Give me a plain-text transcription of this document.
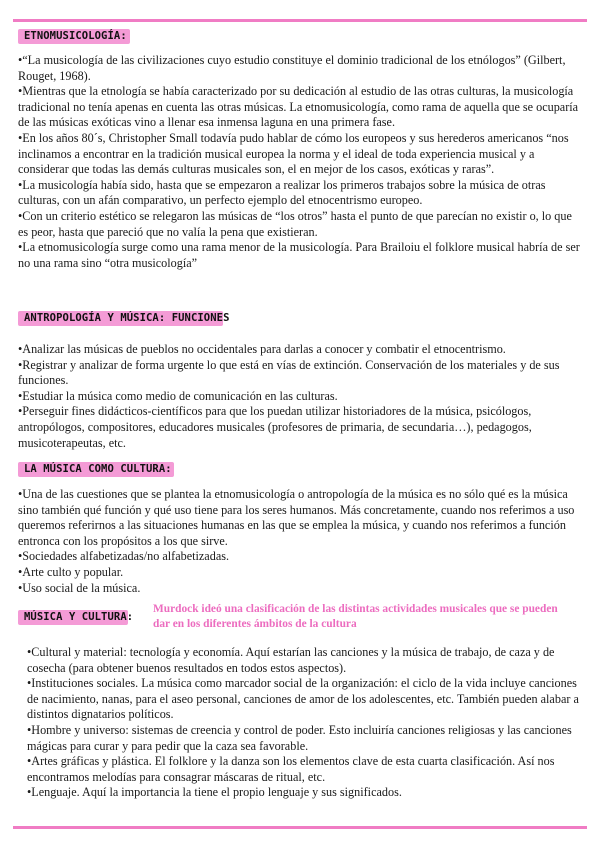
ETNOMUSICOLOGÍA:

•“La musicología de las civilizaciones cuyo estudio constituye el dominio tradicional de los etnólogos” (Gilbert, Rouget, 1968).

•Mientras que la etnología se había caracterizado por su dedicación al estudio de las otras culturas, la musicología tradicional no tenía apenas en cuenta las otras músicas. La etnomusicología, como rama de aquella que se ocuparía de las músicas exóticas vino a llenar esa inmensa laguna en una primera fase.

•En los años 80´s, Christopher Small todavía pudo hablar de cómo los europeos y sus herederos americanos “nos inclinamos a encontrar en la tradición musical europea la norma y el ideal de toda experiencia musical y a considerar que todas las demás culturas musicales son, el en mejor de los casos, exóticas y raras”.

•La musicología había sido, hasta que se empezaron a realizar los primeros trabajos sobre la música de otras culturas, con un afán comparativo, un perfecto ejemplo del etnocentrismo europeo.

•Con un criterio estético se relegaron las músicas de “los otros” hasta el punto de que parecían no existir o, lo que es peor, hasta que pareció que no valía la pena que existieran.

•La etnomusicología surge como una rama menor de la musicología. Para Brailoiu el folklore musical habría de ser no una rama sino “otra musicología”

ANTROPOLOGÍA Y MÚSICA: FUNCIONES

•Analizar las músicas de pueblos no occidentales para darlas a conocer y combatir el etnocentrismo.

•Registrar y analizar de forma urgente lo que está en vías de extinción. Conservación de los materiales y de sus funciones.

•Estudiar la música como medio de comunicación en las culturas.

•Perseguir fines didácticos-científicos para que los puedan utilizar historiadores de la música, psicólogos, antropólogos, compositores, educadores musicales (profesores de primaria, de secundaria…), pedagogos, musicoterapeutas, etc.

LA MÚSICA COMO CULTURA:

•Una de las cuestiones que se plantea la etnomusicología o antropología de la música es no sólo qué es la música sino también qué función y qué uso tiene para los seres humanos. Más concretamente, cuando nos referimos a uso queremos referirnos a las situaciones humanas en las que se emplea la música, y cuando nos referimos a función entronca con los propósitos a los que sirve.

•Sociedades alfabetizadas/no alfabetizadas.

•Arte culto y popular.

•Uso social de la música.

MÚSICA Y CULTURA:
Murdock ideó una clasificación de las distintas actividades musicales que se pueden dar en los diferentes ámbitos de la cultura

•Cultural y material: tecnología y economía. Aquí estarían las canciones y la música de trabajo, de caza y de cosecha (para obtener buenos resultados en todos estos aspectos).

•Instituciones sociales. La música como marcador social de la organización: el ciclo de la vida incluye canciones de nacimiento, nanas, para el aseo personal, canciones de amor de los adolescentes, etc. También pueden alabar a distintos dignatarios políticos.

•Hombre y universo: sistemas de creencia y control de poder. Esto incluiría canciones religiosas y las canciones mágicas para curar y para pedir que la caza sea favorable.

•Artes gráficas y plástica. El folklore y la danza son los elementos clave de esta cuarta clasificación. Así nos encontramos melodías para consagrar máscaras de ritual, etc.

•Lenguaje. Aquí la importancia la tiene el propio lenguaje y sus significados.
